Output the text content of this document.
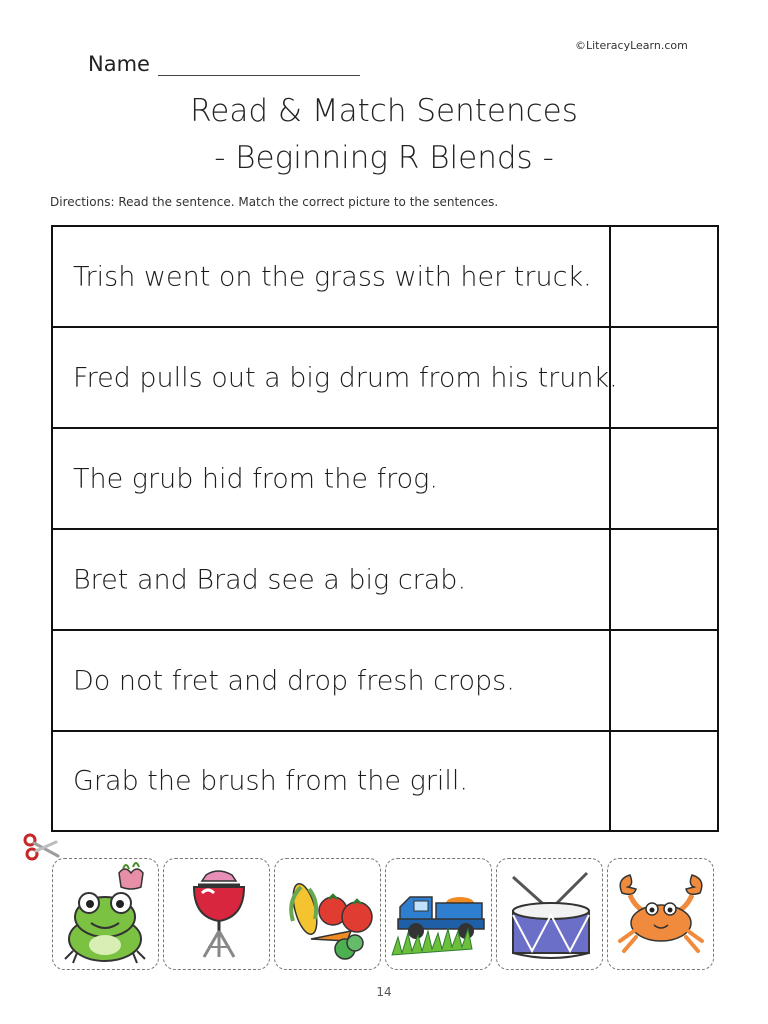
©LiteracyLearn.com
Name
Read & Match Sentences
- Beginning R Blends -
Directions: Read the sentence. Match the correct picture to the sentences.
Trish went on the grass with her truck.
Fred pulls out a big drum from his trunk.
The grub hid from the frog.
Bret and Brad see a big crab.
Do not fret and drop fresh crops.
Grab the brush from the grill.
14
